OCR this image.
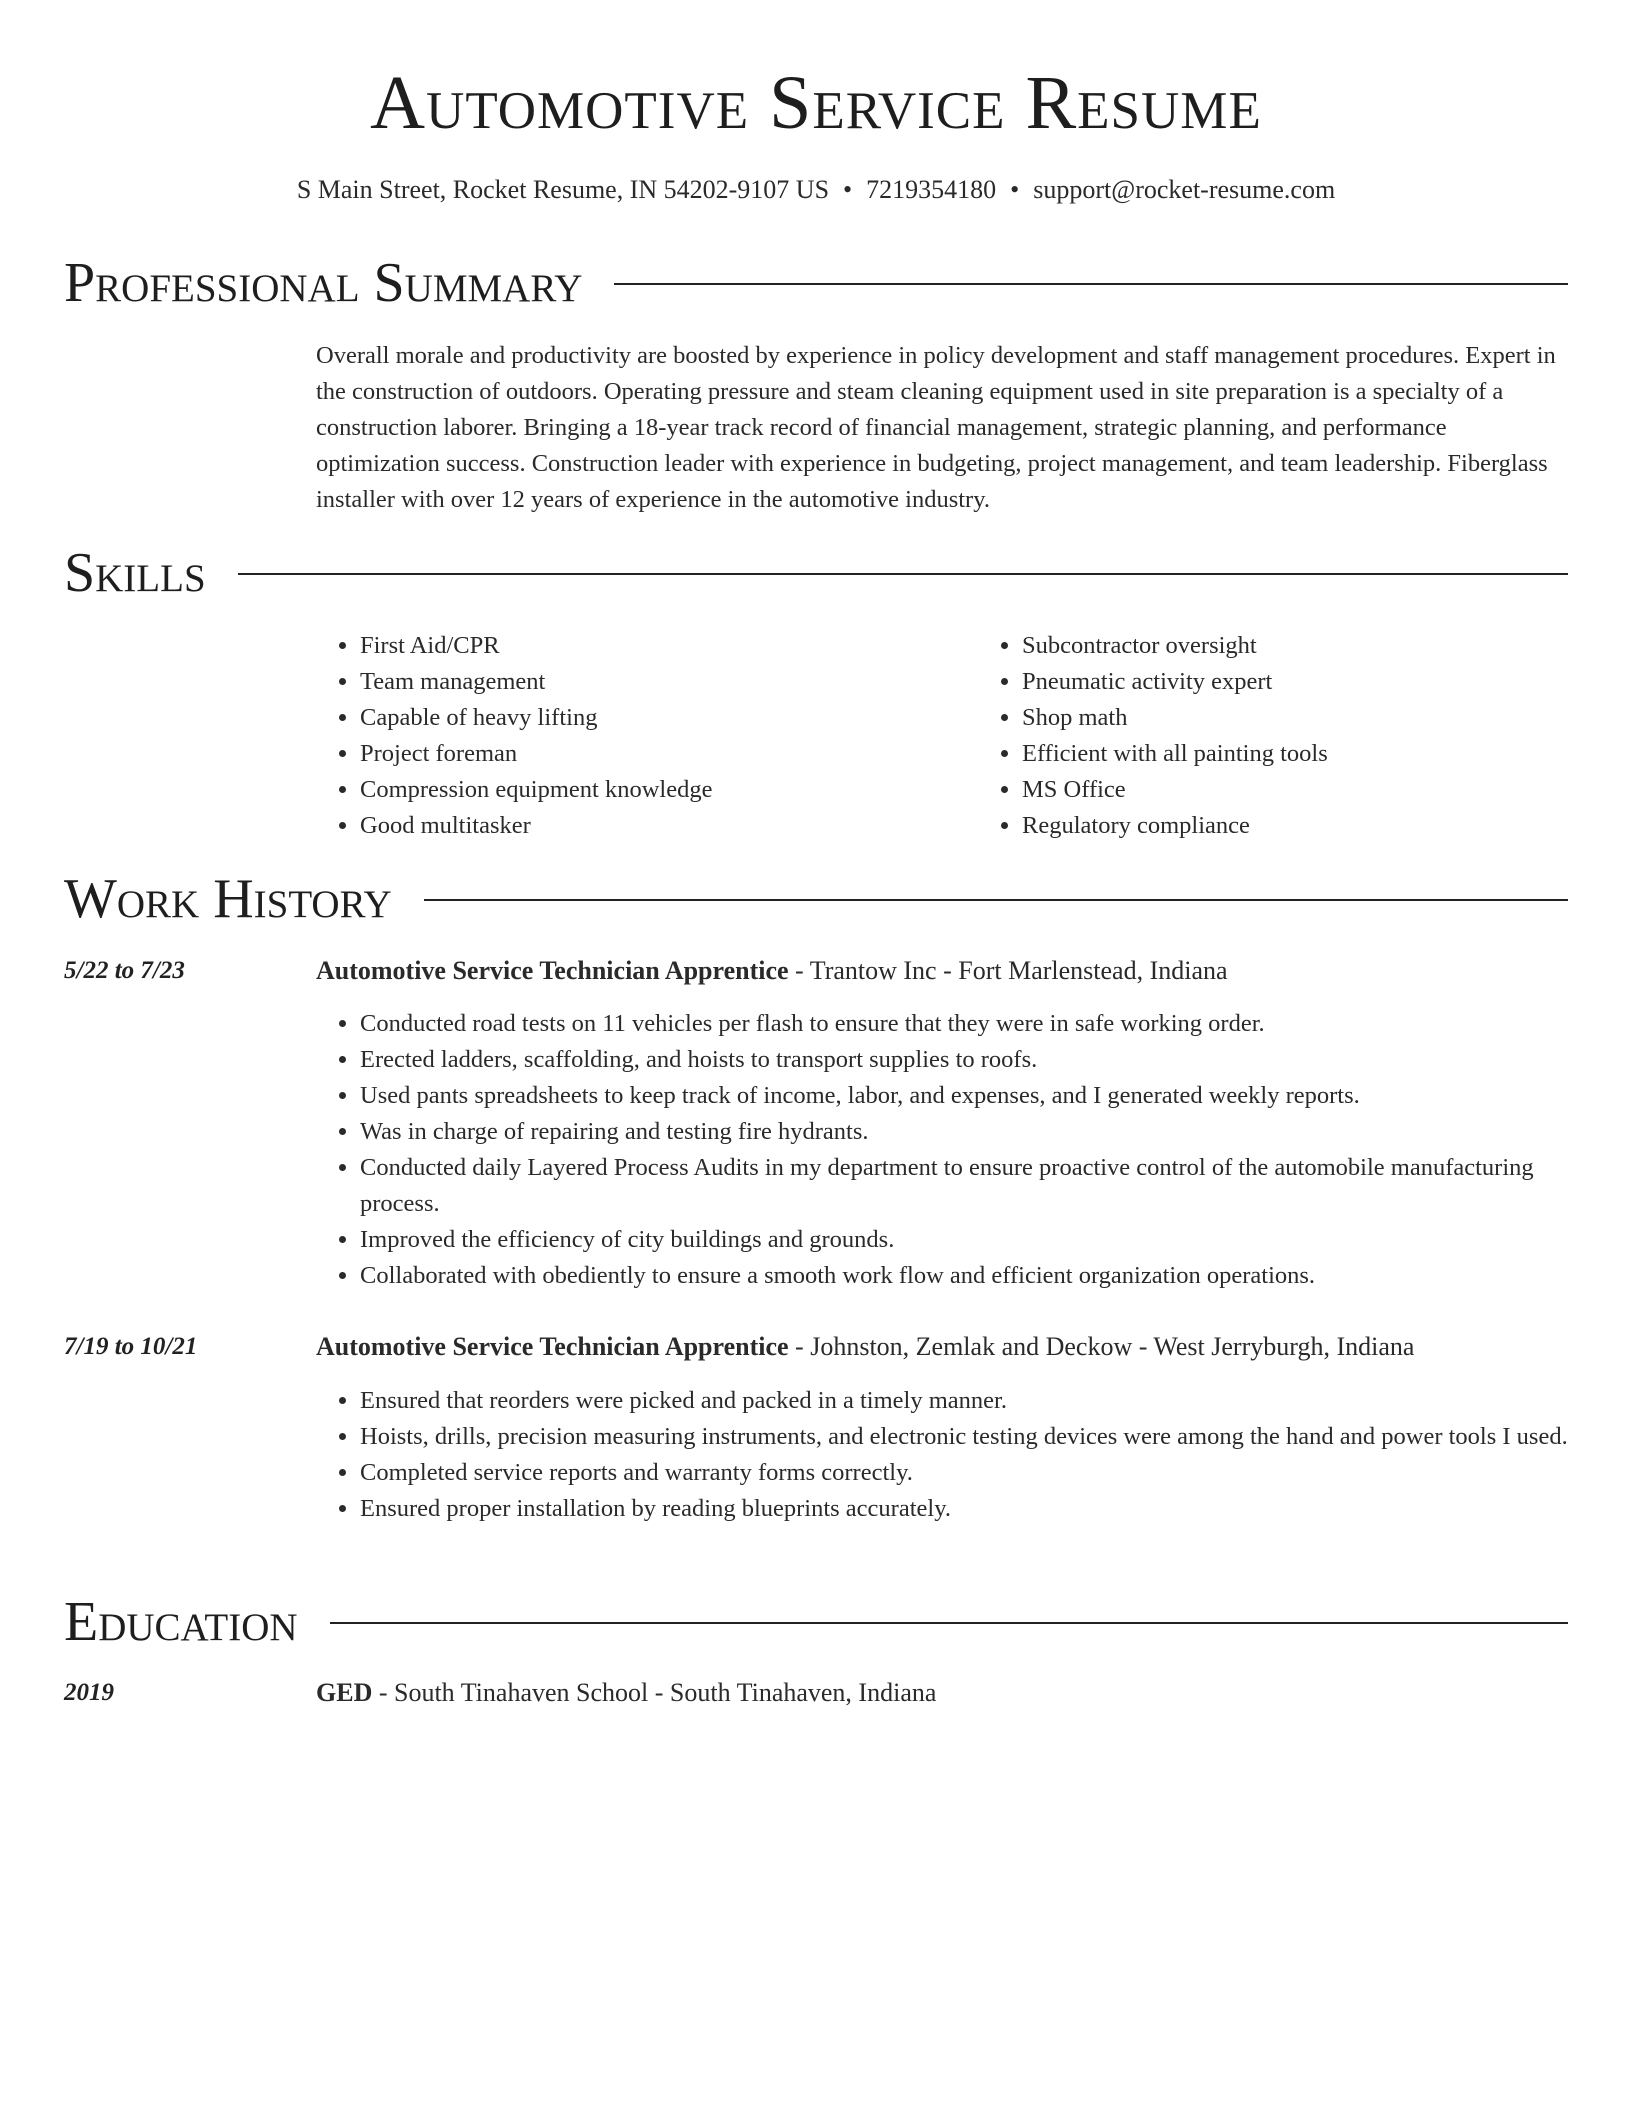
Automotive Service Resume
S Main Street, Rocket Resume, IN 54202-9107 US • 7219354180 • support@rocket-resume.com
Professional Summary

Overall morale and productivity are boosted by experience in policy development and staff management procedures. Expert in the construction of outdoors. Operating pressure and steam cleaning equipment used in site preparation is a specialty of a construction laborer. Bringing a 18-year track record of financial management, strategic planning, and performance optimization success. Construction leader with experience in budgeting, project management, and team leadership. Fiberglass installer with over 12 years of experience in the automotive industry.

Skills
• First Aid/CPR
• Team management
• Capable of heavy lifting
• Project foreman
• Compression equipment knowledge
• Good multitasker
• Subcontractor oversight
• Pneumatic activity expert
• Shop math
• Efficient with all painting tools
• MS Office
• Regulatory compliance
Work History
5/22 to 7/23	Automotive Service Technician Apprentice - Trantow Inc - Fort Marlenstead, Indiana
• Conducted road tests on 11 vehicles per flash to ensure that they were in safe working order.
• Erected ladders, scaffolding, and hoists to transport supplies to roofs.
• Used pants spreadsheets to keep track of income, labor, and expenses, and I generated weekly reports.
• Was in charge of repairing and testing fire hydrants.
• Conducted daily Layered Process Audits in my department to ensure proactive control of the automobile manufacturing process.
• Improved the efficiency of city buildings and grounds.
• Collaborated with obediently to ensure a smooth work flow and efficient organization operations.
7/19 to 10/21	Automotive Service Technician Apprentice - Johnston, Zemlak and Deckow - West Jerryburgh, Indiana
• Ensured that reorders were picked and packed in a timely manner.
• Hoists, drills, precision measuring instruments, and electronic testing devices were among the hand and power tools I used.
• Completed service reports and warranty forms correctly.
• Ensured proper installation by reading blueprints accurately.
Education
2019	GED - South Tinahaven School - South Tinahaven, Indiana
